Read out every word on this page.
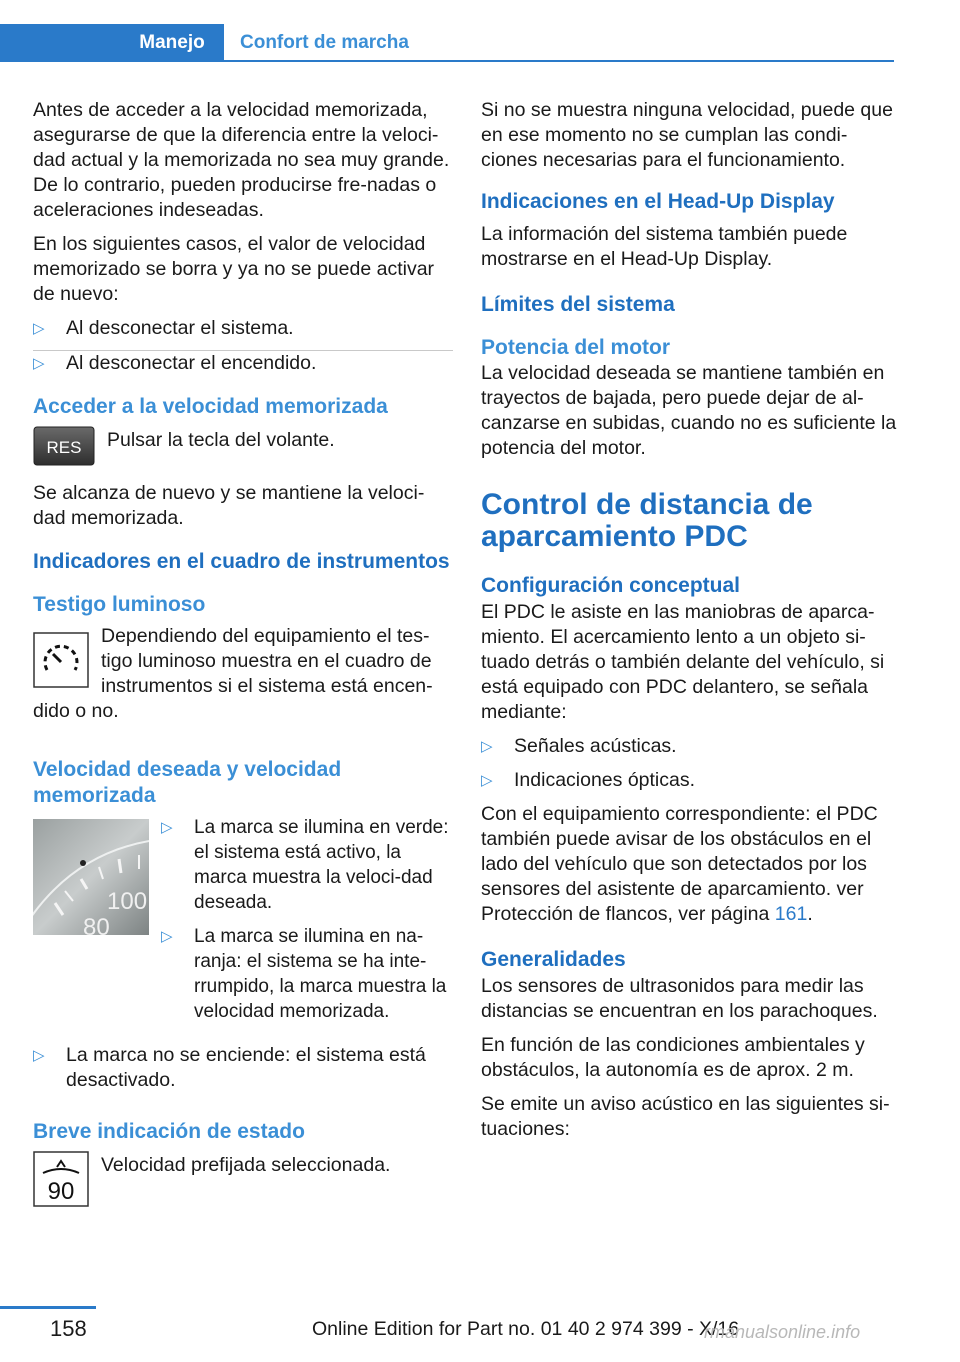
Manejo	Confort de marcha

Antes de acceder a la velocidad memorizada, asegurarse de que la diferencia entre la veloci‐dad actual y la memorizada no sea muy grande. De lo contrario, pueden producirse fre‐nadas o aceleraciones indeseadas.

En los siguientes casos, el valor de velocidad memorizado se borra y ya no se puede activar de nuevo:

▷ Al desconectar el sistema.
▷ Al desconectar el encendido.
Acceder a la velocidad memorizada
RES Pulsar la tecla del volante.

Se alcanza de nuevo y se mantiene la veloci‐dad memorizada.

Indicadores en el cuadro de instrumentos
Testigo luminoso

Dependiendo del equipamiento el tes‐tigo luminoso muestra en el cuadro de instrumentos si el sistema está encen‐dido o no.

Velocidad deseada y velocidad memorizada
100
80
▷ La marca se ilumina en verde: el sistema está activo, la marca muestra la veloci‐dad deseada.
▷ La marca se ilumina en na‐ranja: el sistema se ha inte‐rrumpido, la marca muestra la velocidad memorizada.
▷ La marca no se enciende: el sistema está desactivado.
Breve indicación de estado
90

Velocidad prefijada seleccionada.

Si no se muestra ninguna velocidad, puede que en ese momento no se cumplan las condi‐ciones necesarias para el funcionamiento.

Indicaciones en el Head-Up Display

La información del sistema también puede mostrarse en el Head-Up Display.

Límites del sistema
Potencia del motor

La velocidad deseada se mantiene también en trayectos de bajada, pero puede dejar de al‐canzarse en subidas, cuando no es suficiente la potencia del motor.

Control de distancia de aparcamiento PDC
Configuración conceptual

El PDC le asiste en las maniobras de aparca‐miento. El acercamiento lento a un objeto si‐tuado detrás o también delante del vehículo, si está equipado con PDC delantero, se señala mediante:

▷ Señales acústicas.
▷ Indicaciones ópticas.

Con el equipamiento correspondiente: el PDC también puede avisar de los obstáculos en el lado del vehículo que son detectados por los sensores del asistente de aparcamiento. ver Protección de flancos, ver página 161.

Generalidades

Los sensores de ultrasonidos para medir las distancias se encuentran en los parachoques.

En función de las condiciones ambientales y obstáculos, la autonomía es de aprox. 2 m.

Se emite un aviso acústico en las siguientes si‐tuaciones:

158	Online Edition for Part no. 01 40 2 974 399 - X/16
rmanualsonline.info
